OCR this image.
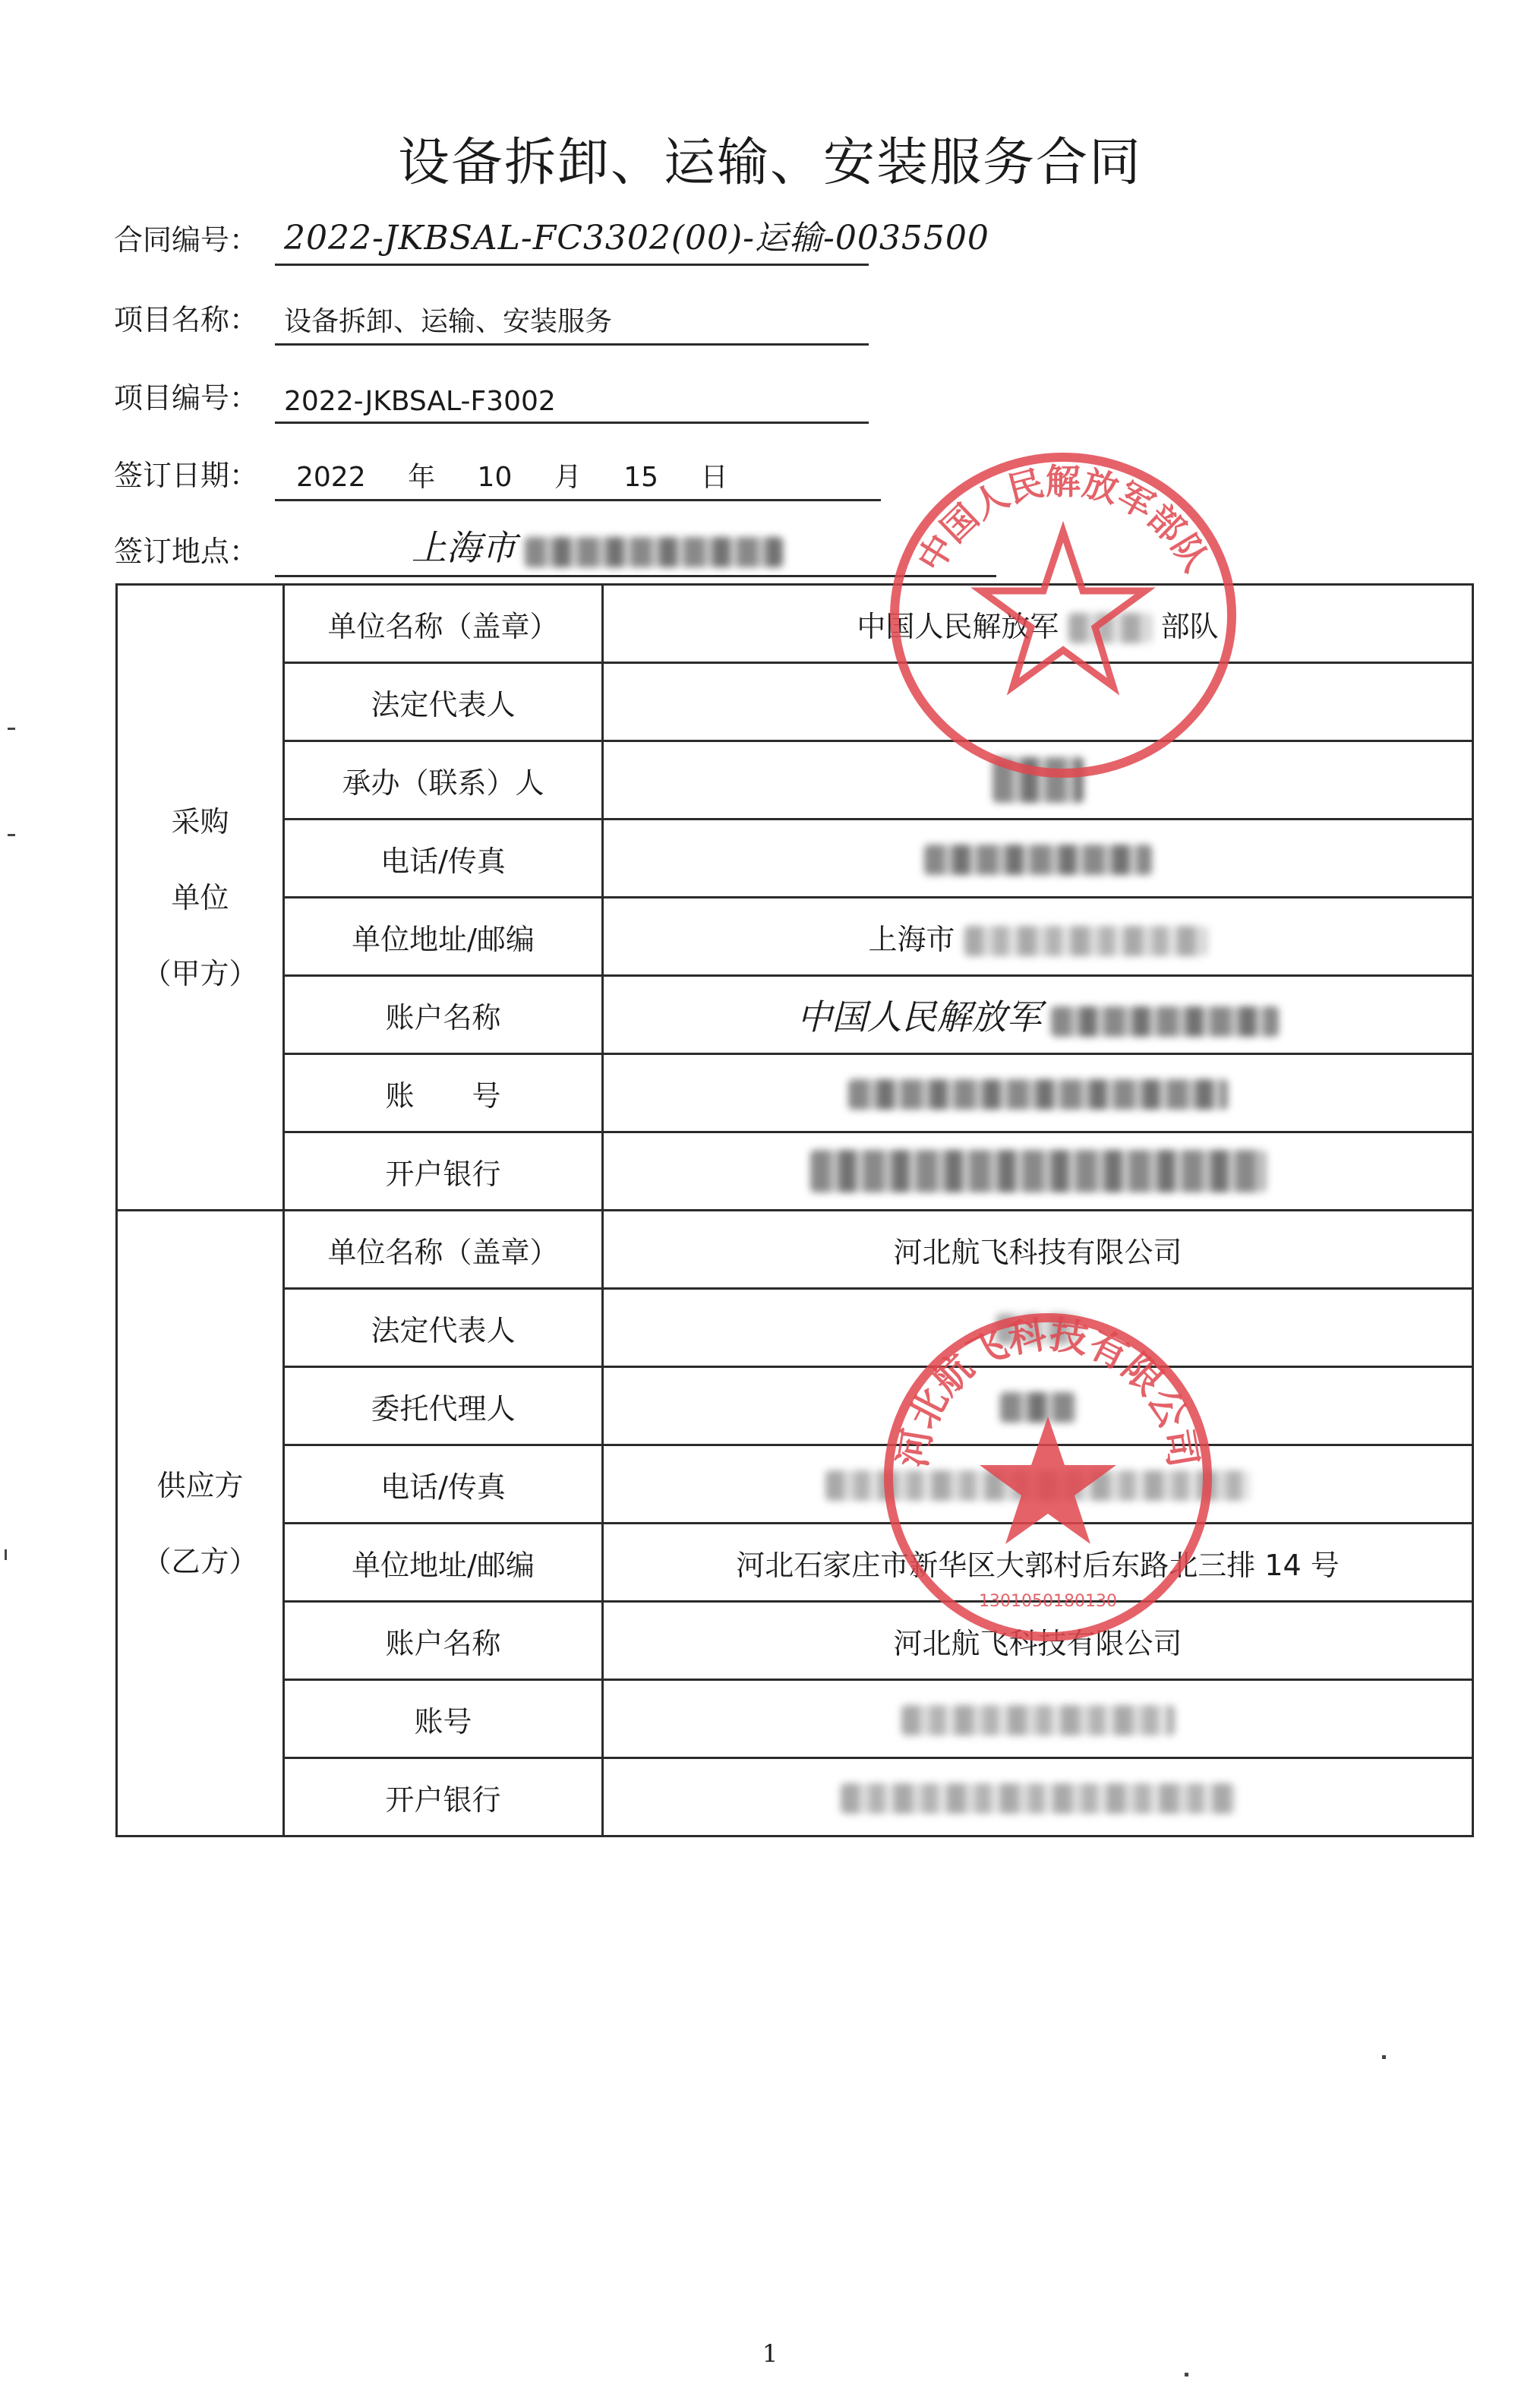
设备拆卸、运输、安装服务合同
合同编号： 2022-JKBSAL-FC3302(00)-运输-0035500
项目名称： 设备拆卸、运输、安装服务
项目编号： 2022-JKBSAL-F3002
签订日期：	2022 年 10 月 15 日
签订地点：	上海市
采购
单位
（甲方）	单位名称（盖章）	中国人民解放军 部队
	法定代表人	
	承办（联系）人	
	电话/传真	
	单位地址/邮编	上海市
	账户名称	中国人民解放军
	账　　号	
	开户银行	

供应方
（乙方）	单位名称（盖章）	河北航飞科技有限公司
	法定代表人	
	委托代理人	
	电话/传真	
	单位地址/邮编	河北石家庄市新华区大郭村后东路北三排 14 号
	账户名称	河北航飞科技有限公司
	账号	
	开户银行	
中国人民解放军部队
河北航飞科技有限公司
1301050180130
1
